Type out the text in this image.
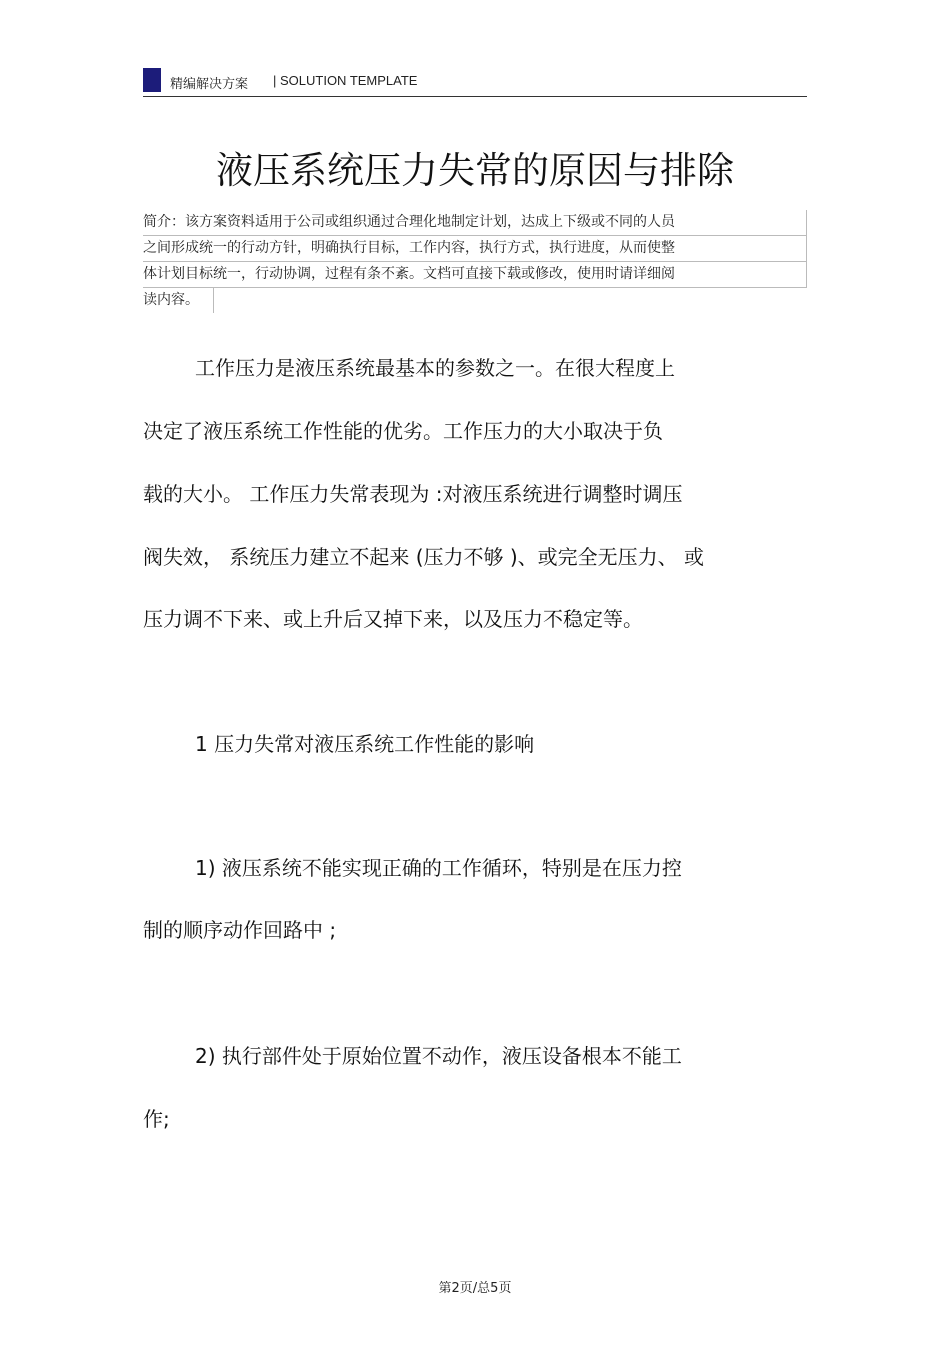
精编解决方案 | SOLUTION TEMPLATE
液压系统压力失常的原因与排除
简介：该方案资料适用于公司或组织通过合理化地制定计划，达成上下级或不同的人员
之间形成统一的行动方针，明确执行目标，工作内容，执行方式，执行进度，从而使整
体计划目标统一，行动协调，过程有条不紊。文档可直接下载或修改，使用时请详细阅
读内容。

工作压力是液压系统最基本的参数之一。在很大程度上

决定了液压系统工作性能的优劣。工作压力的大小取决于负

载的大小。 工作压力失常表现为 :对液压系统进行调整时调压

阀失效， 系统压力建立不起来 (压力不够 )、或完全无压力、 或

压力调不下来、或上升后又掉下来，以及压力不稳定等。

1 压力失常对液压系统工作性能的影响

1) 液压系统不能实现正确的工作循环，特别是在压力控

制的顺序动作回路中 ;

2) 执行部件处于原始位置不动作，液压设备根本不能工

作;

第2页/总5页
